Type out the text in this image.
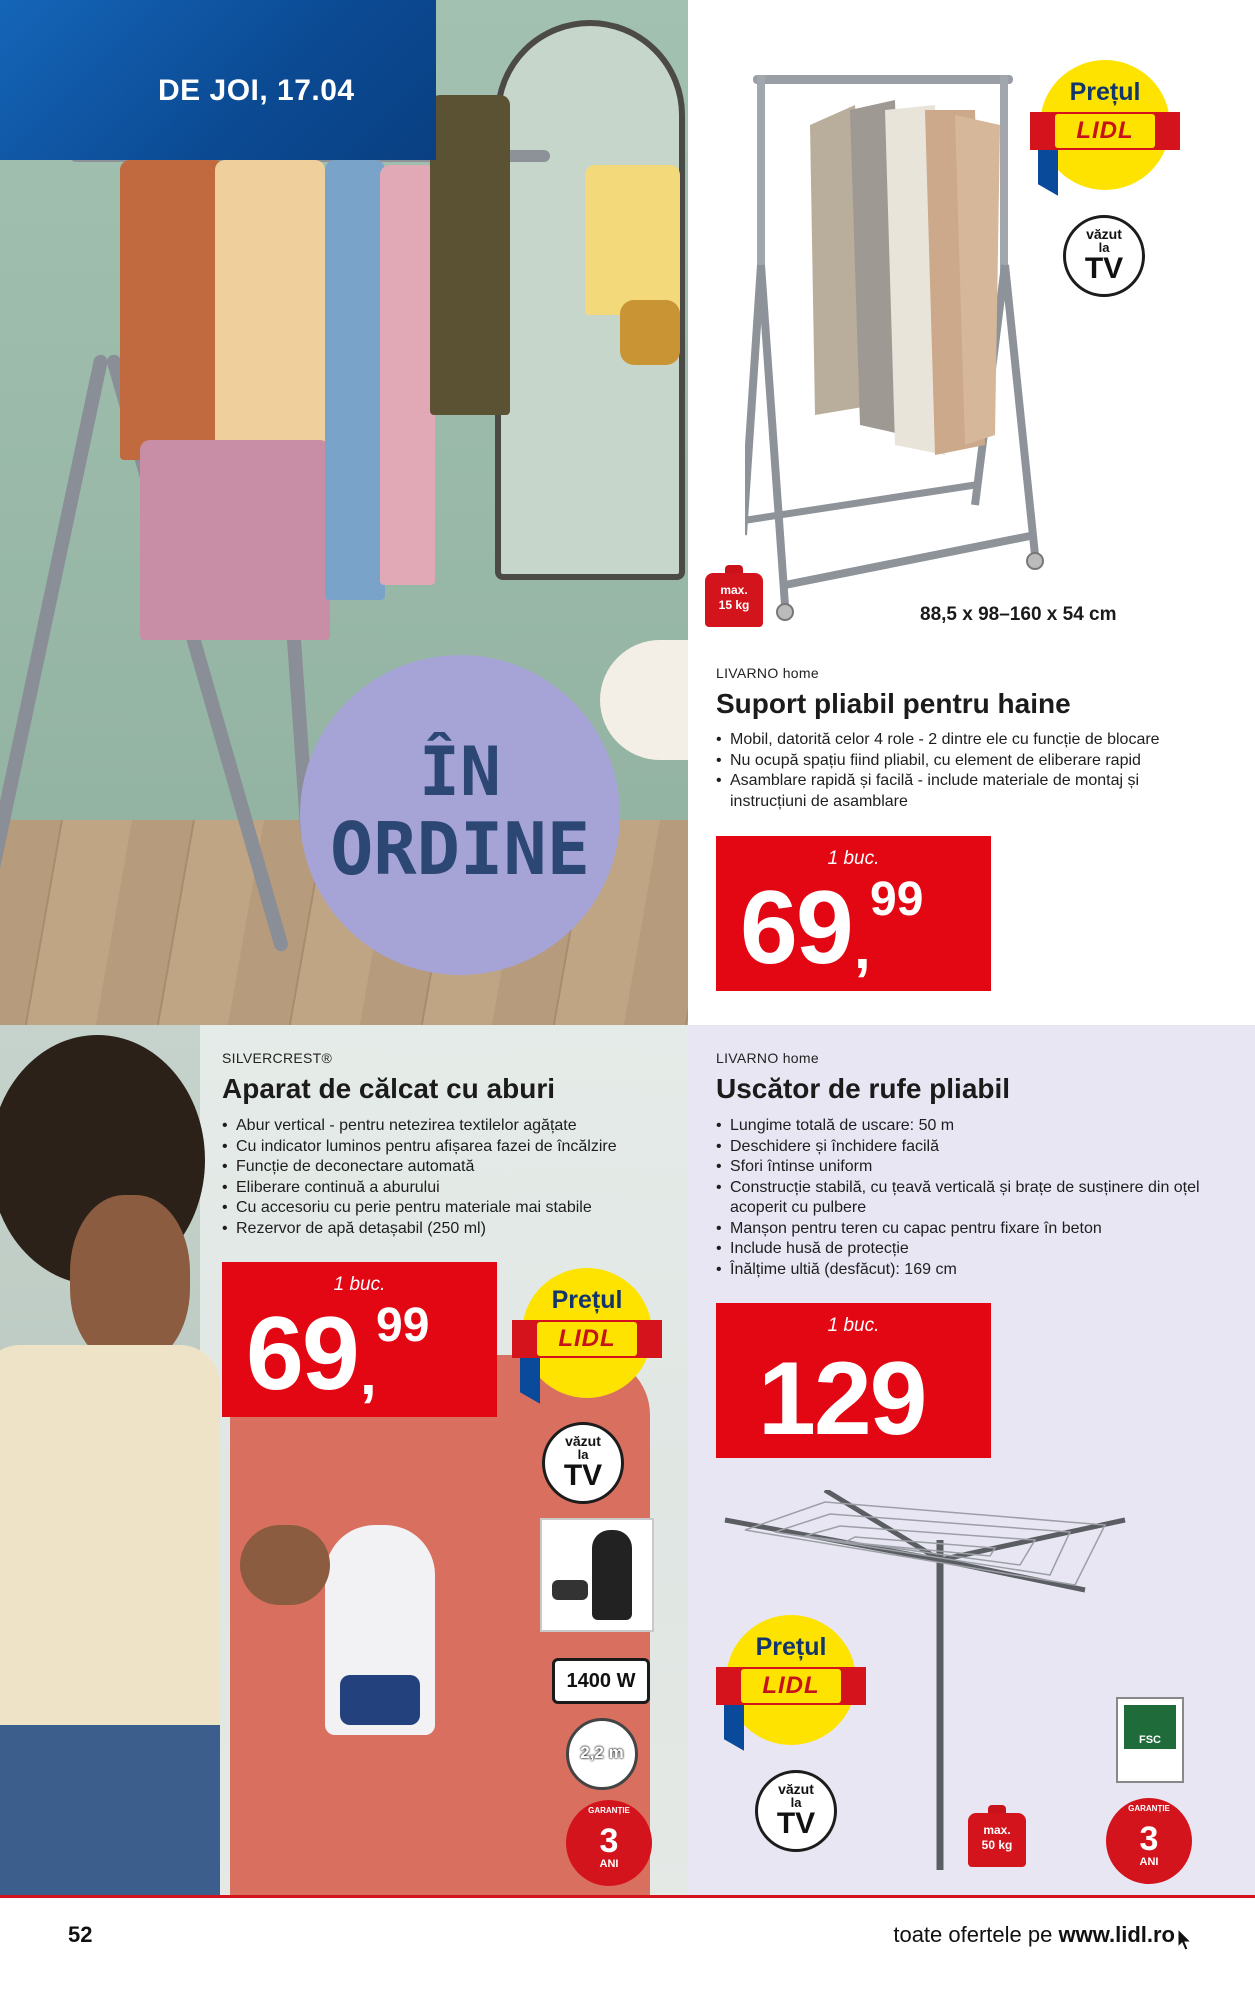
DE JOI, 17.04
ÎN
ORDINE
Prețul
LIDL
văzut
la
TV
max.
15 kg	88,5 x 98–160 x 54 cm
LIVARNO home
Suport pliabil pentru haine
• Mobil, datorită celor 4 role - 2 dintre ele cu funcție de blocare
• Nu ocupă spațiu fiind pliabil, cu element de eliberare rapid
• Asamblare rapidă și facilă - include materiale de montaj și instrucțiuni de asamblare
1 buc.
69 ,
99
SILVERCREST®
Aparat de călcat cu aburi
• Abur vertical - pentru netezirea textilelor agățate
• Cu indicator luminos pentru afișarea fazei de încălzire
• Funcție de deconectare automată
• Eliberare continuă a aburului
• Cu accesoriu cu perie pentru materiale mai stabile
• Rezervor de apă detașabil (250 ml)
1 buc.
69 ,
99	Prețul
LIDL
văzut
la
TV
1400 W
2,2 m
GARANȚIE
3
ANI
LIVARNO home
Uscător de rufe pliabil
• Lungime totală de uscare: 50 m
• Deschidere și închidere facilă
• Sfori întinse uniform
• Construcție stabilă, cu țeavă verticală și brațe de susținere din oțel acoperit cu pulbere
• Manșon pentru teren cu capac pentru fixare în beton
• Include husă de protecție
• Înălțime ultiă (desfăcut): 169 cm
1 buc.
129
Prețul
LIDL
văzut
la
TV	max.
50 kg
FSC
GARANȚIE
3
ANI
52	toate ofertele pe www.lidl.ro
